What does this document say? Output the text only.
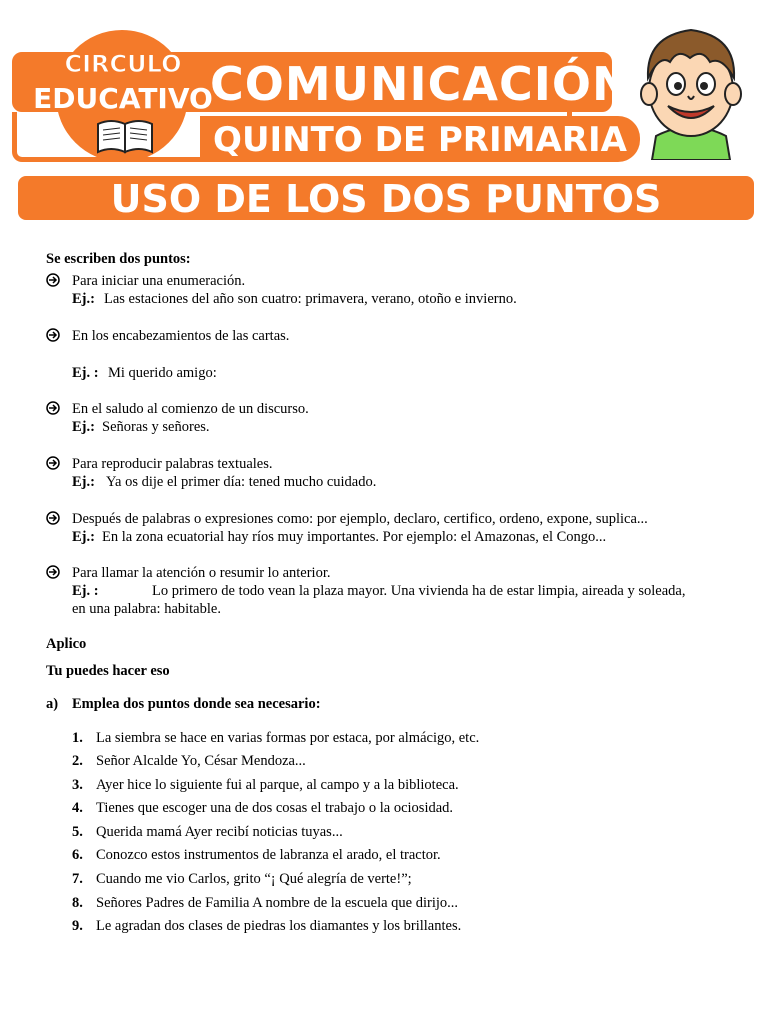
COMUNICACIÓN
QUINTO DE PRIMARIA
CIRCULO
EDUCATIVO
USO DE LOS DOS PUNTOS
Se escriben dos puntos:
Para iniciar una enumeración.
Ej.: Las estaciones del año son cuatro: primavera, verano, otoño e invierno.
En los encabezamientos de las cartas.
Ej. : Mi querido amigo:
En el saludo al comienzo de un discurso.
Ej.: Señoras y señores.
Para reproducir palabras textuales.
Ej.: Ya os dije el primer día: tened mucho cuidado.
Después de palabras o expresiones como: por ejemplo, declaro, certifico, ordeno, expone, suplica...
Ej.: En la zona ecuatorial hay ríos muy importantes. Por ejemplo: el Amazonas, el Congo...
Para llamar la atención o resumir lo anterior.
Ej. :	Lo primero de todo vean la plaza mayor. Una vivienda ha de estar limpia, aireada y soleada,
en una palabra: habitable.
Aplico
Tu puedes hacer eso
a) Emplea dos puntos donde sea necesario:
1. La siembra se hace en varias formas por estaca, por almácigo, etc.
2. Señor Alcalde Yo, César Mendoza...
3. Ayer hice lo siguiente fui al parque, al campo y a la biblioteca.
4. Tienes que escoger una de dos cosas el trabajo o la ociosidad.
5. Querida mamá Ayer recibí noticias tuyas...
6. Conozco estos instrumentos de labranza el arado, el tractor.
7. Cuando me vio Carlos, grito “¡ Qué alegría de verte!”;
8. Señores Padres de Familia A nombre de la escuela que dirijo...
9. Le agradan dos clases de piedras los diamantes y los brillantes.
